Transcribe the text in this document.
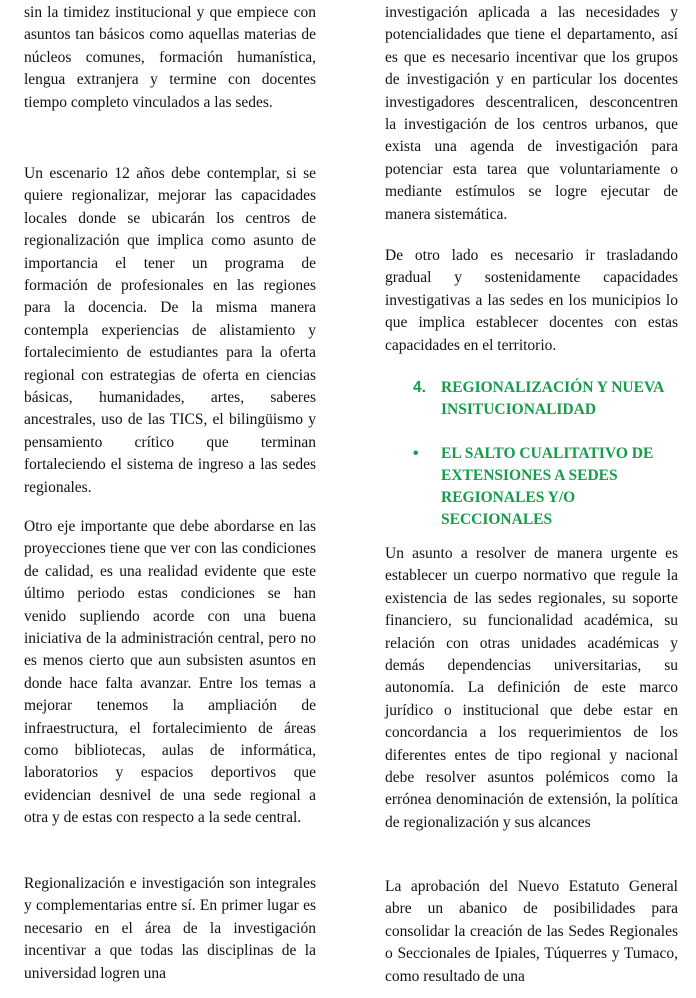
sin la timidez institucional y que empiece con asuntos tan básicos como aquellas materias de núcleos comunes, formación humanística, lengua extranjera y termine con docentes tiempo completo vinculados a las sedes.

Un escenario 12 años debe contemplar, si se quiere regionalizar, mejorar las capacidades locales donde se ubicarán los centros de regionalización que implica como asunto de importancia el tener un programa de formación de profesionales en las regiones para la docencia. De la misma manera contempla experiencias de alistamiento y fortalecimiento de estudiantes para la oferta regional con estrategias de oferta en ciencias básicas, humanidades, artes, saberes ancestrales, uso de las TICS, el bilingüismo y pensamiento crítico que terminan fortaleciendo el sistema de ingreso a las sedes regionales.

Otro eje importante que debe abordarse en las proyecciones tiene que ver con las condiciones de calidad, es una realidad evidente que este último periodo estas condiciones se han venido supliendo acorde con una buena iniciativa de la administración central, pero no es menos cierto que aun subsisten asuntos en donde hace falta avanzar. Entre los temas a mejorar tenemos la ampliación de infraestructura, el fortalecimiento de áreas como bibliotecas, aulas de informática, laboratorios y espacios deportivos que evidencian desnivel de una sede regional a otra y de estas con respecto a la sede central.

Regionalización e investigación son integrales y complementarias entre sí. En primer lugar es necesario en el área de la investigación incentivar a que todas las disciplinas de la universidad logren una

investigación aplicada a las necesidades y potencialidades que tiene el departamento, así es que es necesario incentivar que los grupos de investigación y en particular los docentes investigadores descentralicen, desconcentren la investigación de los centros urbanos, que exista una agenda de investigación para potenciar esta tarea que voluntariamente o mediante estímulos se logre ejecutar de manera sistemática.

De otro lado es necesario ir trasladando gradual y sostenidamente capacidades investigativas a las sedes en los municipios lo que implica establecer docentes con estas capacidades en el territorio.

4. REGIONALIZACIÓN Y NUEVA INSITUCIONALIDAD
•	EL SALTO CUALITATIVO DE EXTENSIONES A SEDES REGIONALES Y/O SECCIONALES

Un asunto a resolver de manera urgente es establecer un cuerpo normativo que regule la existencia de las sedes regionales, su soporte financiero, su funcionalidad académica, su relación con otras unidades académicas y demás dependencias universitarias, su autonomía. La definición de este marco jurídico o institucional que debe estar en concordancia a los requerimientos de los diferentes entes de tipo regional y nacional debe resolver asuntos polémicos como la errónea denominación de extensión, la política de regionalización y sus alcances

La aprobación del Nuevo Estatuto General abre un abanico de posibilidades para consolidar la creación de las Sedes Regionales o Seccionales de Ipiales, Túquerres y Tumaco, como resultado de una
